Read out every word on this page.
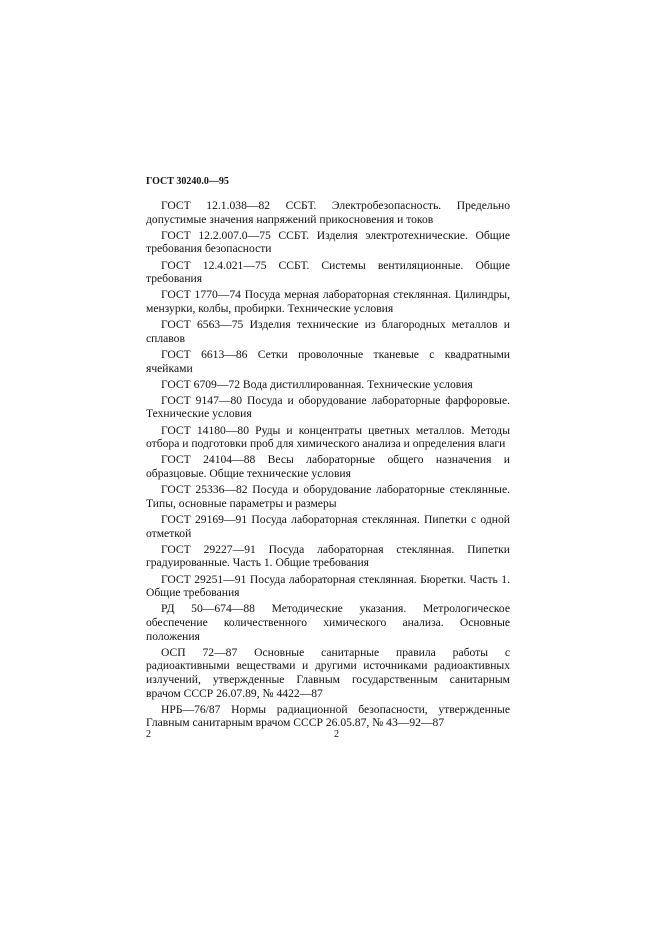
ГОСТ 30240.0—95

ГОСТ 12.1.038—82 ССБТ. Электробезопасность. Предельно допустимые значения напряжений прикосновения и токов

ГОСТ 12.2.007.0—75 ССБТ. Изделия электротехнические. Общие требования безопасности

ГОСТ 12.4.021—75 ССБТ. Системы вентиляционные. Общие требования

ГОСТ 1770—74 Посуда мерная лабораторная стеклянная. Цилиндры, мензурки, колбы, пробирки. Технические условия

ГОСТ 6563—75 Изделия технические из благородных металлов и сплавов

ГОСТ 6613—86 Сетки проволочные тканевые с квадратными ячейками

ГОСТ 6709—72 Вода дистиллированная. Технические условия

ГОСТ 9147—80 Посуда и оборудование лабораторные фарфоровые. Технические условия

ГОСТ 14180—80 Руды и концентраты цветных металлов. Методы отбора и подготовки проб для химического анализа и определения влаги

ГОСТ 24104—88 Весы лабораторные общего назначения и образцовые. Общие технические условия

ГОСТ 25336—82 Посуда и оборудование лабораторные стеклянные. Типы, основные параметры и размеры

ГОСТ 29169—91 Посуда лабораторная стеклянная. Пипетки с одной отметкой

ГОСТ 29227—91 Посуда лабораторная стеклянная. Пипетки градуированные. Часть 1. Общие требования

ГОСТ 29251—91 Посуда лабораторная стеклянная. Бюретки. Часть 1. Общие требования

РД 50—674—88 Методические указания. Метрологическое обеспечение количественного химического анализа. Основные положения

ОСП 72—87 Основные санитарные правила работы с радиоактивными веществами и другими источниками радиоактивных излучений, утвержденные Главным государственным санитарным врачом СССР 26.07.89, № 4422—87

НРБ—76/87 Нормы радиационной безопасности, утвержденные Главным санитарным врачом СССР 26.05.87, № 43—92—87

2	2
